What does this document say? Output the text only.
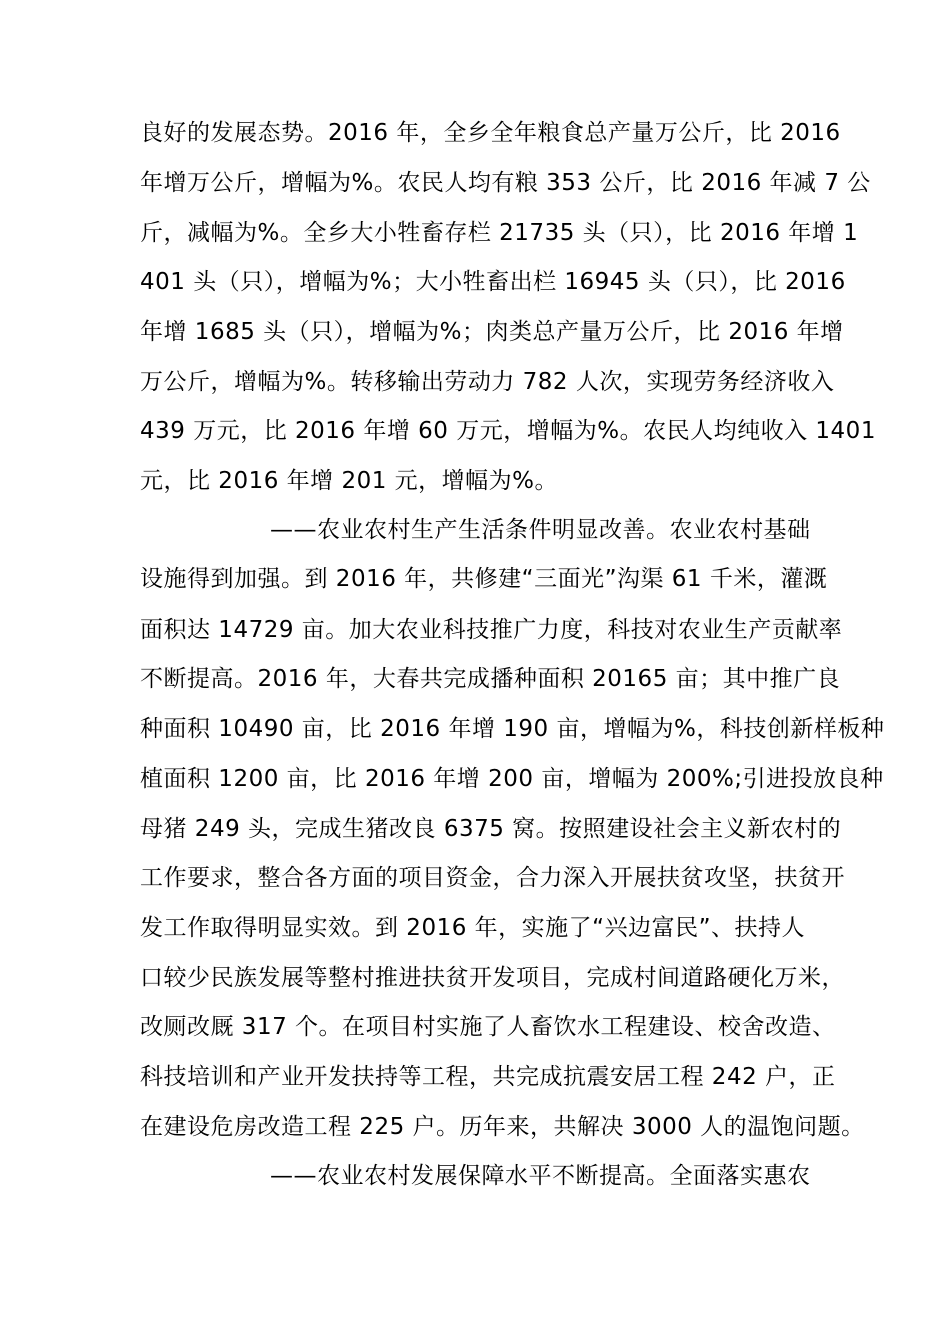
良好的发展态势。2016 年，全乡全年粮食总产量万公斤，比 2016
年增万公斤，增幅为%。农民人均有粮 353 公斤，比 2016 年减 7 公
斤，减幅为%。全乡大小牲畜存栏 21735 头（只），比 2016 年增 1
401 头（只），增幅为%；大小牲畜出栏 16945 头（只），比 2016
年增 1685 头（只），增幅为%；肉类总产量万公斤，比 2016 年增
万公斤，增幅为%。转移输出劳动力 782 人次，实现劳务经济收入
439 万元，比 2016 年增 60 万元，增幅为%。农民人均纯收入 1401
元，比 2016 年增 201 元，增幅为%。
——农业农村生产生活条件明显改善。农业农村基础
设施得到加强。到 2016 年，共修建“三面光”沟渠 61 千米，灌溉
面积达 14729 亩。加大农业科技推广力度，科技对农业生产贡献率
不断提高。2016 年，大春共完成播种面积 20165 亩；其中推广良
种面积 10490 亩，比 2016 年增 190 亩，增幅为%，科技创新样板种
植面积 1200 亩，比 2016 年增 200 亩，增幅为 200%;引进投放良种
母猪 249 头，完成生猪改良 6375 窝。按照建设社会主义新农村的
工作要求，整合各方面的项目资金，合力深入开展扶贫攻坚，扶贫开
发工作取得明显实效。到 2016 年，实施了“兴边富民”、扶持人
口较少民族发展等整村推进扶贫开发项目，完成村间道路硬化万米，
改厕改厩 317 个。在项目村实施了人畜饮水工程建设、校舍改造、
科技培训和产业开发扶持等工程，共完成抗震安居工程 242 户，正
在建设危房改造工程 225 户。历年来，共解决 3000 人的温饱问题。
——农业农村发展保障水平不断提高。全面落实惠农
